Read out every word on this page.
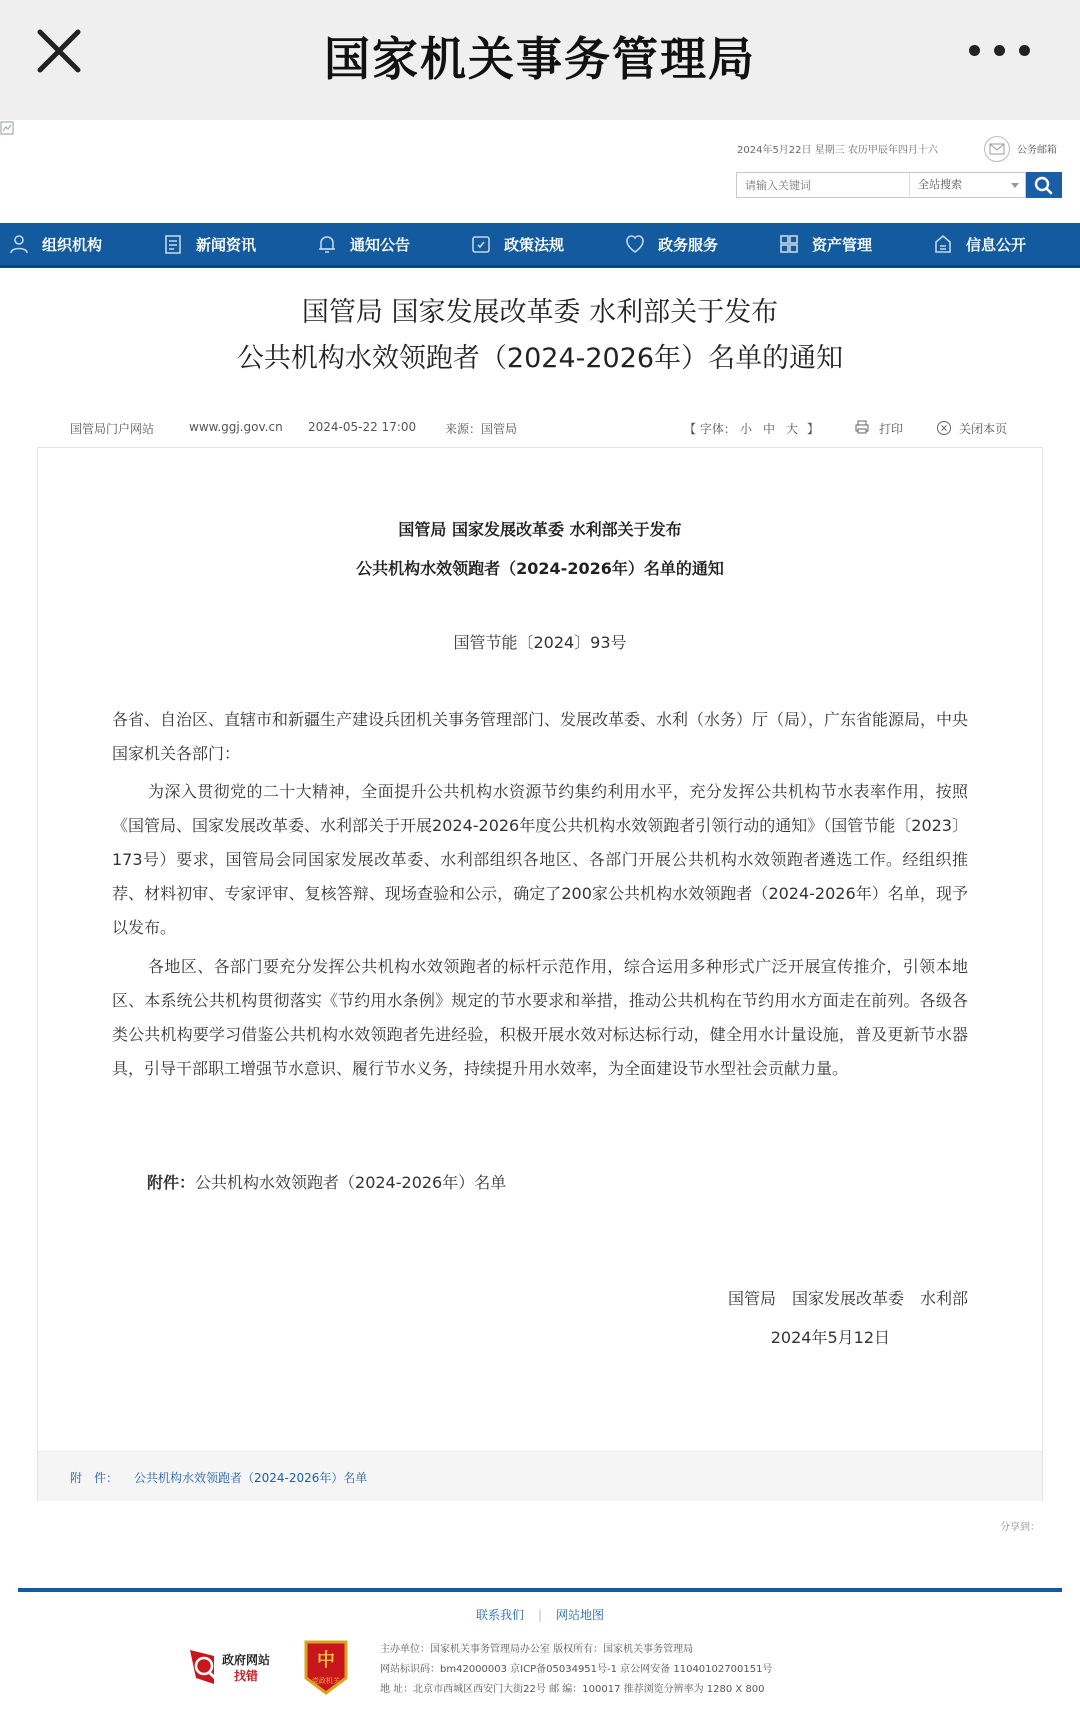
国家机关事务管理局
2024年5月22日 星期三 农历甲辰年四月十六	公务邮箱
请输入关键词
全站搜索
组织机构	新闻资讯	通知公告	政策法规	政务服务	资产管理	信息公开
国管局 国家发展改革委 水利部关于发布
公共机构水效领跑者（2024-2026年）名单的通知
国管局门户网站	www.ggj.gov.cn 2024-05-22 17:00 来源：国管局	【 字体： 小 中 大 】	打印	关闭本页
国管局 国家发展改革委 水利部关于发布
公共机构水效领跑者（2024-2026年）名单的通知
国管节能〔2024〕93号
各省、自治区、直辖市和新疆生产建设兵团机关事务管理部门、发展改革委、水利（水务）厅（局），广东省能源局，中央国家机关各部门：
为深入贯彻党的二十大精神，全面提升公共机构水资源节约集约利用水平，充分发挥公共机构节水表率作用，按照《国管局、国家发展改革委、水利部关于开展2024-2026年度公共机构水效领跑者引领行动的通知》（国管节能〔2023〕173号）要求，国管局会同国家发展改革委、水利部组织各地区、各部门开展公共机构水效领跑者遴选工作。经组织推荐、材料初审、专家评审、复核答辩、现场查验和公示，确定了200家公共机构水效领跑者（2024-2026年）名单，现予以发布。
各地区、各部门要充分发挥公共机构水效领跑者的标杆示范作用，综合运用多种形式广泛开展宣传推介，引领本地区、本系统公共机构贯彻落实《节约用水条例》规定的节水要求和举措，推动公共机构在节约用水方面走在前列。各级各类公共机构要学习借鉴公共机构水效领跑者先进经验，积极开展水效对标达标行动，健全用水计量设施，普及更新节水器具，引导干部职工增强节水意识、履行节水义务，持续提升用水效率，为全面建设节水型社会贡献力量。
附件：公共机构水效领跑者（2024-2026年）名单
国管局　国家发展改革委　水利部
2024年5月12日
附　件： 公共机构水效领跑者（2024-2026年）名单
分享到：
联系我们 | 网站地图
政府网站
找错
中
党政机关
主办单位：国家机关事务管理局办公室 版权所有：国家机关事务管理局
网站标识码：bm42000003 京ICP备05034951号-1 京公网安备 11040102700151号
地 址：北京市西城区西安门大街22号 邮 编：100017 推荐浏览分辨率为 1280 X 800
